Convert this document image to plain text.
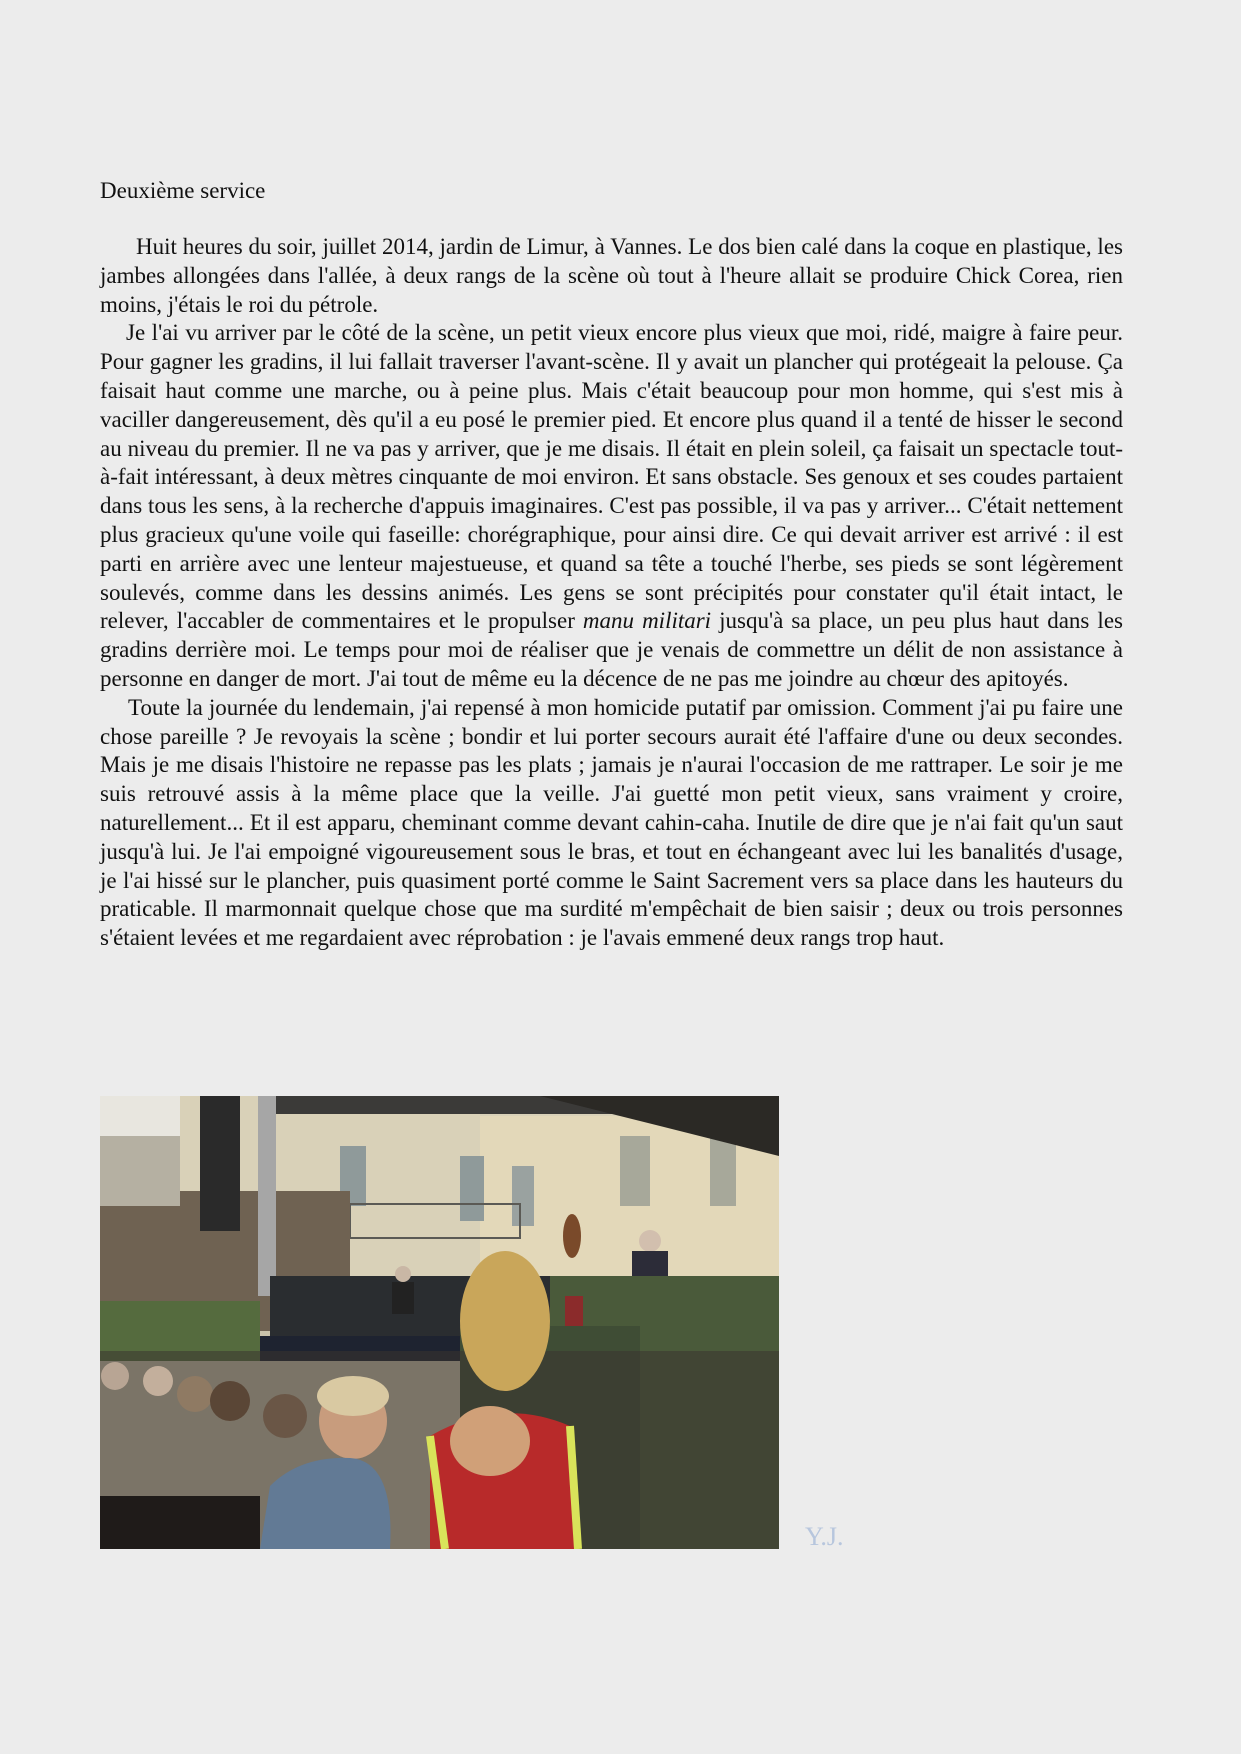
Deuxième service

Huit heures du soir, juillet 2014, jardin de Limur, à Vannes. Le dos bien calé dans la coque en plastique, les jambes allongées dans l'allée, à deux rangs de la scène où tout à l'heure allait se produire Chick Corea, rien moins, j'étais le roi du pétrole.

Je l'ai vu arriver par le côté de la scène, un petit vieux encore plus vieux que moi, ridé, maigre à faire peur. Pour gagner les gradins, il lui fallait traverser l'avant-scène. Il y avait un plancher qui protégeait la pelouse. Ça faisait haut comme une marche, ou à peine plus. Mais c'était beaucoup pour mon homme, qui s'est mis à vaciller dangereusement, dès qu'il a eu posé le premier pied. Et encore plus quand il a tenté de hisser le second au niveau du premier. Il ne va pas y arriver, que je me disais. Il était en plein soleil, ça faisait un spectacle tout-à-fait intéressant, à deux mètres cinquante de moi environ. Et sans obstacle. Ses genoux et ses coudes partaient dans tous les sens, à la recherche d'appuis imaginaires. C'est pas possible, il va pas y arriver... C'était nettement plus gracieux qu'une voile qui faseille: chorégraphique, pour ainsi dire. Ce qui devait arriver est arrivé : il est parti en arrière avec une lenteur majestueuse, et quand sa tête a touché l'herbe, ses pieds se sont légèrement soulevés, comme dans les dessins animés. Les gens se sont précipités pour constater qu'il était intact, le relever, l'accabler de commentaires et le propulser manu militari jusqu'à sa place, un peu plus haut dans les gradins derrière moi. Le temps pour moi de réaliser que je venais de commettre un délit de non assistance à personne en danger de mort. J'ai tout de même eu la décence de ne pas me joindre au chœur des apitoyés.

Toute la journée du lendemain, j'ai repensé à mon homicide putatif par omission. Comment j'ai pu faire une chose pareille ? Je revoyais la scène ; bondir et lui porter secours aurait été l'affaire d'une ou deux secondes. Mais je me disais l'histoire ne repasse pas les plats ; jamais je n'aurai l'occasion de me rattraper. Le soir je me suis retrouvé assis à la même place que la veille. J'ai guetté mon petit vieux, sans vraiment y croire, naturellement... Et il est apparu, cheminant comme devant cahin-caha. Inutile de dire que je n'ai fait qu'un saut jusqu'à lui. Je l'ai empoigné vigoureusement sous le bras, et tout en échangeant avec lui les banalités d'usage, je l'ai hissé sur le plancher, puis quasiment porté comme le Saint Sacrement vers sa place dans les hauteurs du praticable. Il marmonnait quelque chose que ma surdité m'empêchait de bien saisir ; deux ou trois personnes s'étaient levées et me regardaient avec réprobation : je l'avais emmené deux rangs trop haut.

Y.J.
